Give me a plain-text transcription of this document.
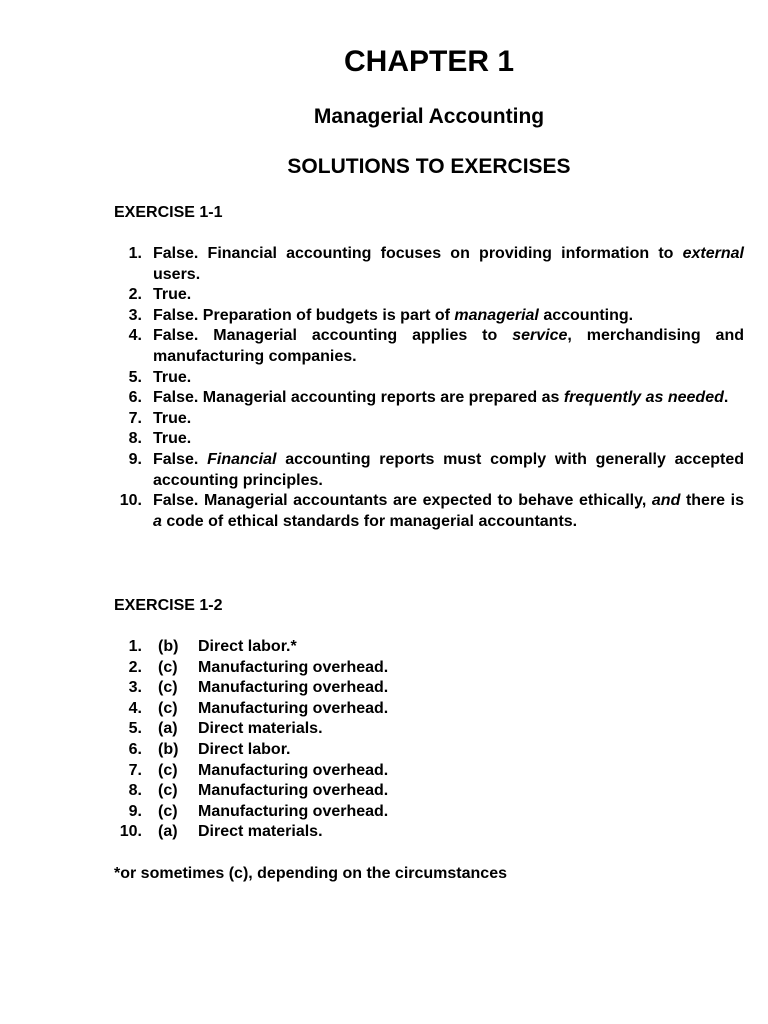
CHAPTER 1
Managerial Accounting
SOLUTIONS TO EXERCISES
EXERCISE 1-1
1. False. Financial accounting focuses on providing information to external users.
2. True.
3. False. Preparation of budgets is part of managerial accounting.
4. False. Managerial accounting applies to service, merchandising and manufacturing companies.
5. True.
6. False. Managerial accounting reports are prepared as frequently as needed.
7. True.
8. True.
9. False. Financial accounting reports must comply with generally accepted accounting principles.
10. False. Managerial accountants are expected to behave ethically, and there is a code of ethical standards for managerial accountants.
EXERCISE 1-2
1. (b) Direct labor.*
2. (c) Manufacturing overhead.
3. (c) Manufacturing overhead.
4. (c) Manufacturing overhead.
5. (a) Direct materials.
6. (b) Direct labor.
7. (c) Manufacturing overhead.
8. (c) Manufacturing overhead.
9. (c) Manufacturing overhead.
10. (a) Direct materials.
*or sometimes (c), depending on the circumstances
